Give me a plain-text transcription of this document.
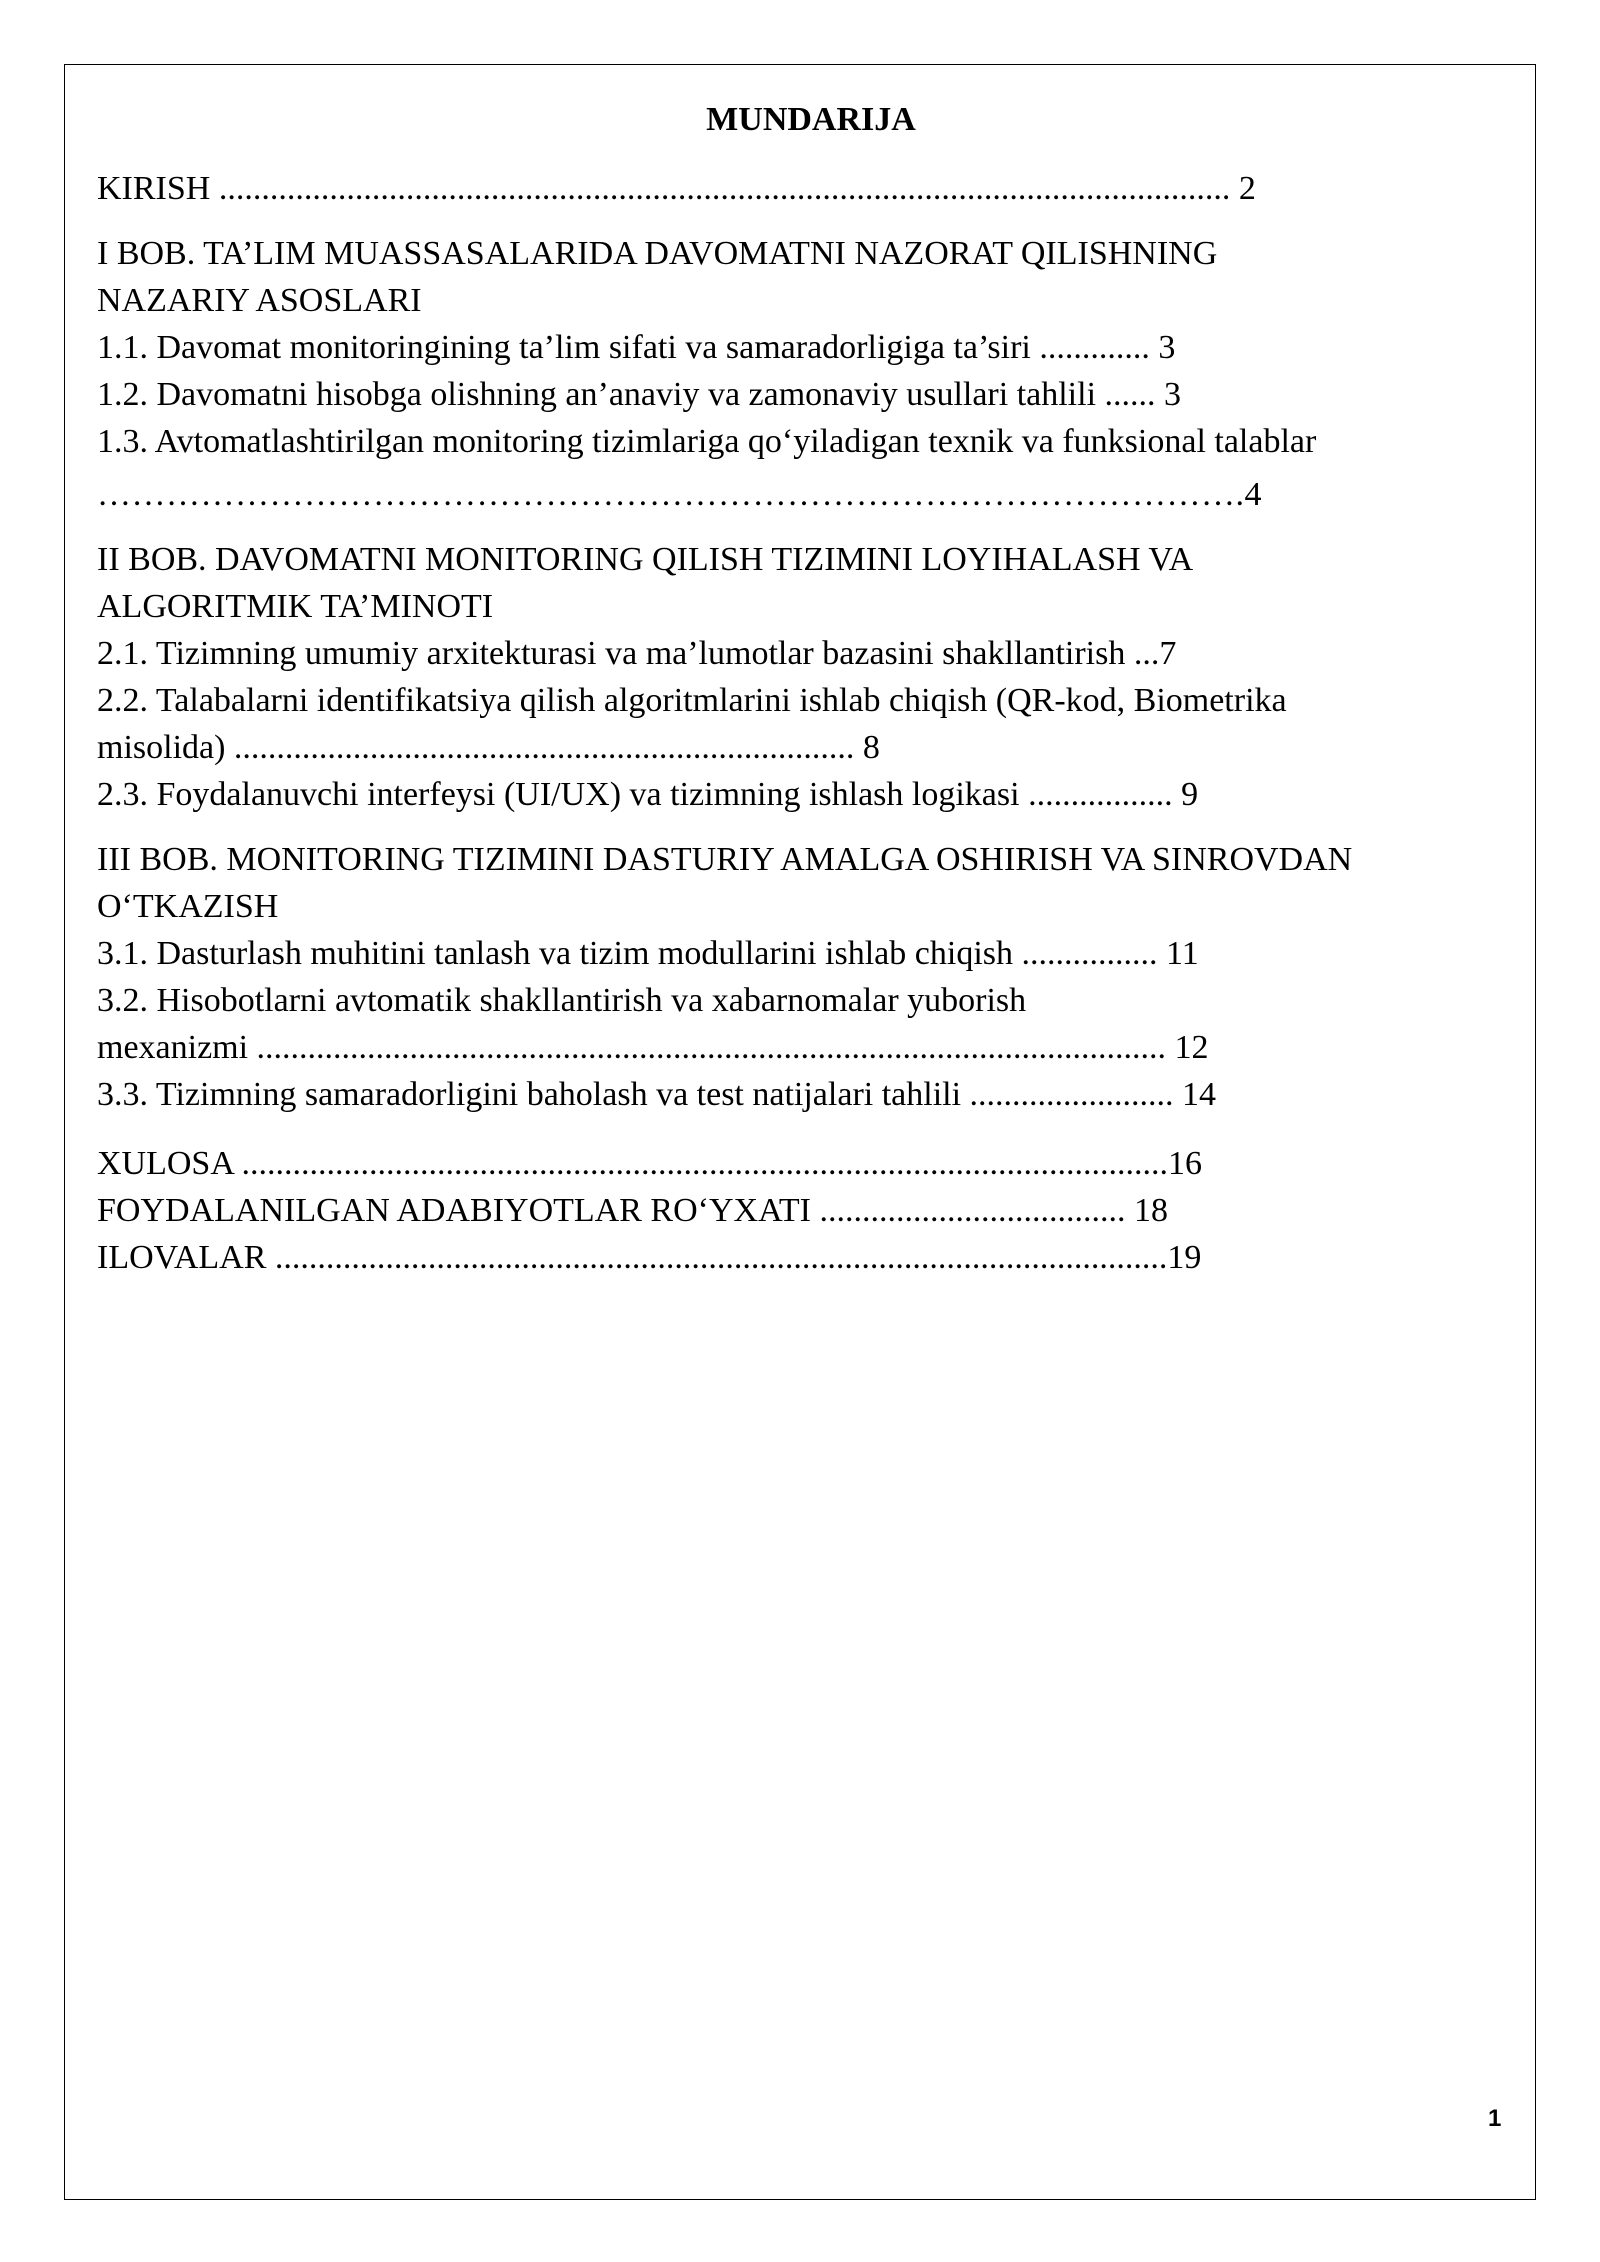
MUNDARIJA
KIRISH ....................................................................................................................... 2
I BOB. TA’LIM MUASSASALARIDA DAVOMATNI NAZORAT QILISHNING
NAZARIY ASOSLARI
1.1. Davomat monitoringining ta’lim sifati va samaradorligiga ta’siri ............. 3
1.2. Davomatni hisobga olishning an’anaviy va zamonaviy usullari tahlili ...... 3
1.3. Avtomatlashtirilgan monitoring tizimlariga qo‘yiladigan texnik va funksional talablar
……………………………………………………………………………………….4
II BOB. DAVOMATNI MONITORING QILISH TIZIMINI LOYIHALASH VA
ALGORITMIK TA’MINOTI
2.1. Tizimning umumiy arxitekturasi va ma’lumotlar bazasini shakllantirish ...7
2.2. Talabalarni identifikatsiya qilish algoritmlarini ishlab chiqish (QR-kod, Biometrika
misolida) ......................................................................... 8
2.3. Foydalanuvchi interfeysi (UI/UX) va tizimning ishlash logikasi ................. 9
III BOB. MONITORING TIZIMINI DASTURIY AMALGA OSHIRISH VA SINROVDAN
O‘TKAZISH
3.1. Dasturlash muhitini tanlash va tizim modullarini ishlab chiqish ................ 11
3.2. Hisobotlarni avtomatik shakllantirish va xabarnomalar yuborish
mexanizmi ........................................................................................................... 12
3.3. Tizimning samaradorligini baholash va test natijalari tahlili ........................ 14
XULOSA .............................................................................................................16
FOYDALANILGAN ADABIYOTLAR RO‘YXATI .................................... 18
ILOVALAR .........................................................................................................19
1
